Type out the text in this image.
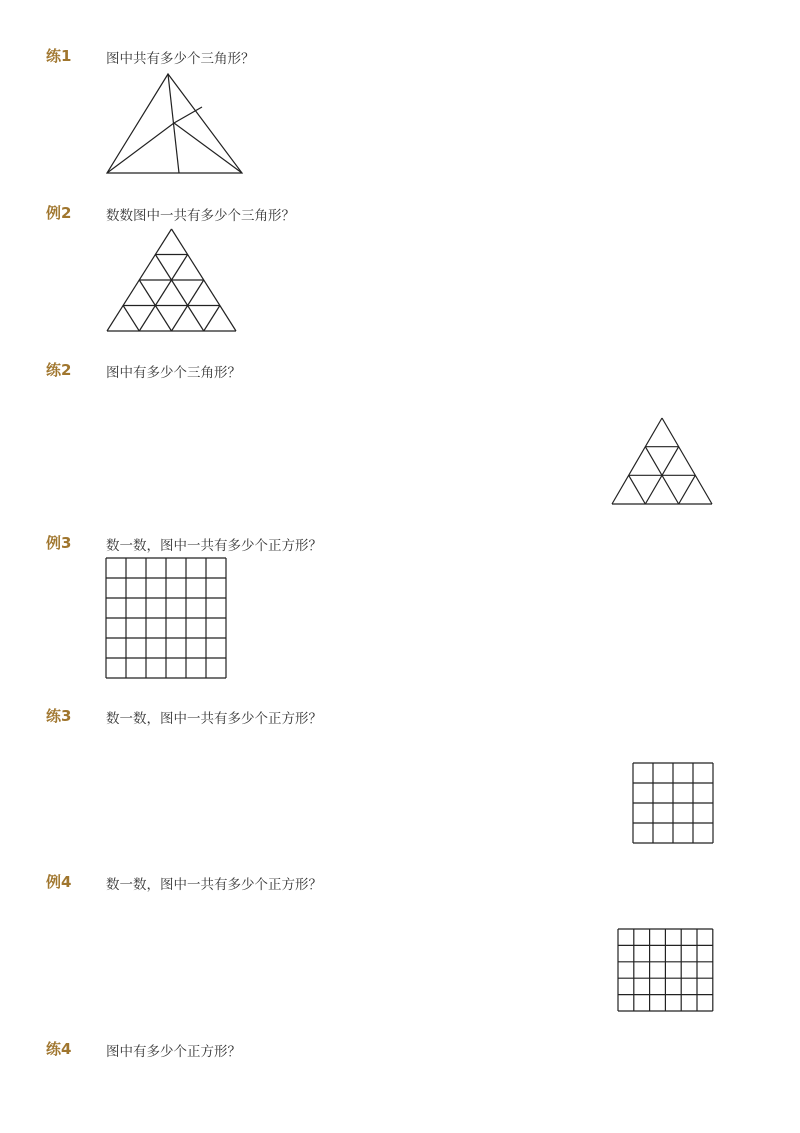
练1	图中共有多少个三角形？
例2	数数图中一共有多少个三角形？
练2	图中有多少个三角形？
例3	数一数，图中一共有多少个正方形？
练3	数一数，图中一共有多少个正方形？
例4	数一数，图中一共有多少个正方形？
练4	图中有多少个正方形？
